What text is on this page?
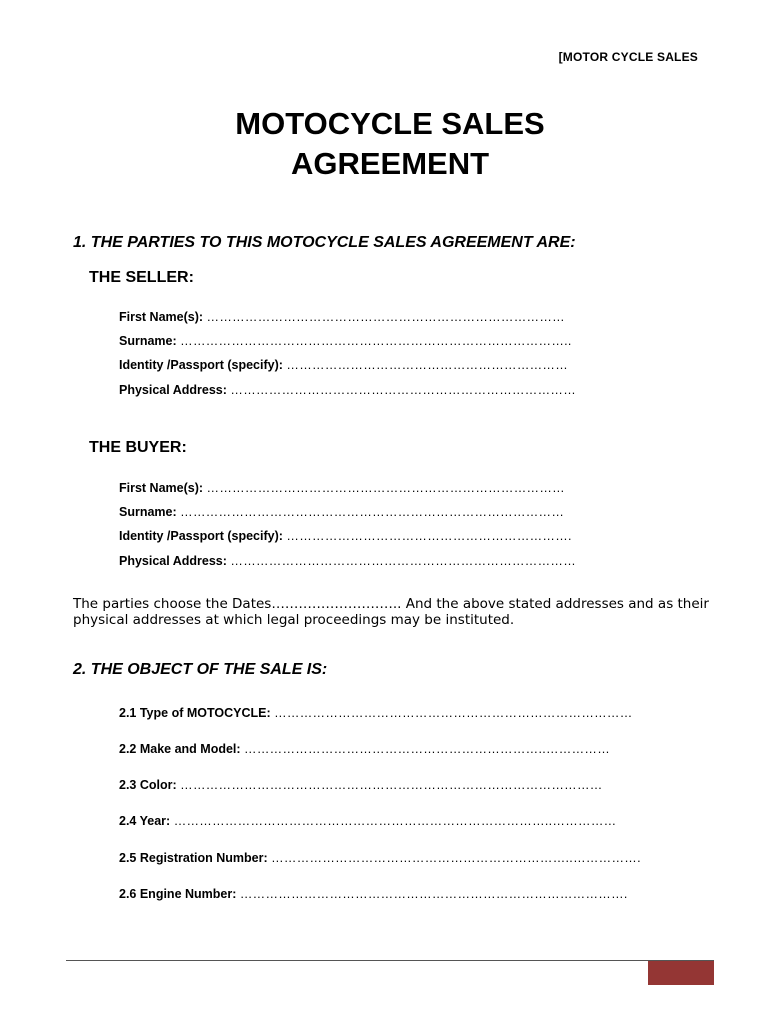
[MOTOR CYCLE SALES
MOTOCYCLE SALES
AGREEMENT
1. THE PARTIES TO THIS MOTOCYCLE SALES AGREEMENT ARE:
THE SELLER:
First Name(s): …………………………………………………………………………
Surname: ………………………………………………………………………………..
Identity /Passport (specify): …………………………………………………………
Physical Address: ………………………………………………………………………
THE BUYER:
First Name(s): …………………………………………………………………………
Surname: ………………………………………………………………………………
Identity /Passport (specify): ………………………………………………………….
Physical Address: ………………………………………………………………………
The parties choose the Dates……………………….. And the above stated addresses and as their physical addresses at which legal proceedings may be instituted.
2. THE OBJECT OF THE SALE IS:
2.1 Type of MOTOCYCLE: …………………………………………………………………………
2.2 Make and Model: ……………………………………………………………..……………
2.3 Color: ………………………………………………………………………………………
2.4 Year: ……………………………………………………………………………..……………
2.5 Registration Number: ……………………………………………………………..…………….
2.6 Engine Number: ……………………………………………………………………………….
